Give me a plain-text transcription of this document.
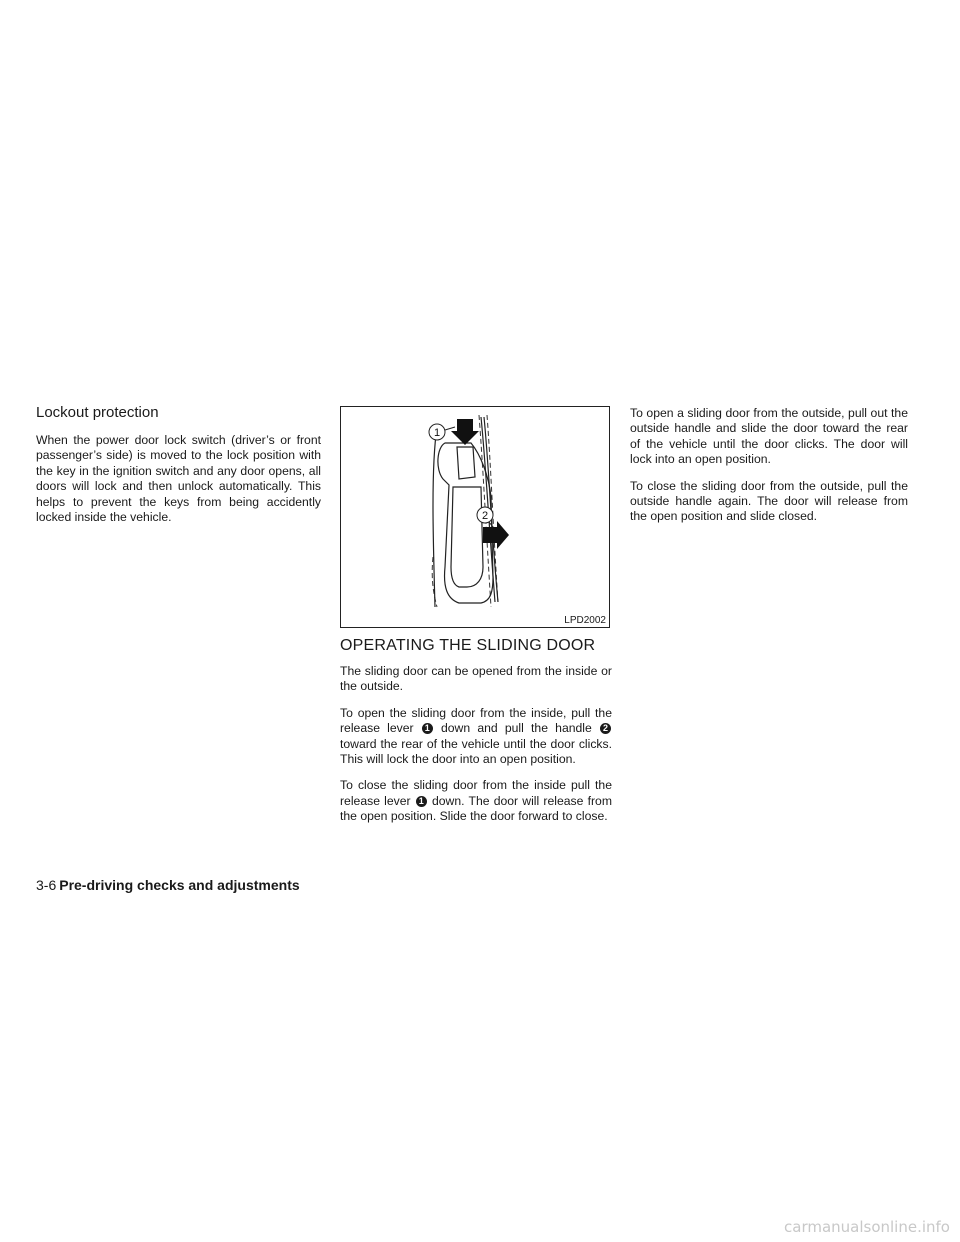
Lockout protection

When the power door lock switch (driver’s or front passenger’s side) is moved to the lock position with the key in the ignition switch and any door opens, all doors will lock and then unlock automatically. This helps to prevent the keys from being accidently locked inside the vehicle.

1
2
LPD2002
OPERATING THE SLIDING DOOR

The sliding door can be opened from the inside or the outside.

To open the sliding door from the inside, pull the release lever 1 down and pull the handle 2 toward the rear of the vehicle until the door clicks. This will lock the door into an open position.

To close the sliding door from the inside pull the release lever 1 down. The door will release from the open position. Slide the door forward to close.

To open a sliding door from the outside, pull out the outside handle and slide the door toward the rear of the vehicle until the door clicks. The door will lock into an open position.

To close the sliding door from the outside, pull the outside handle again. The door will release from the open position and slide closed.

3-6 Pre-driving checks and adjustments
carmanualsonline.info
